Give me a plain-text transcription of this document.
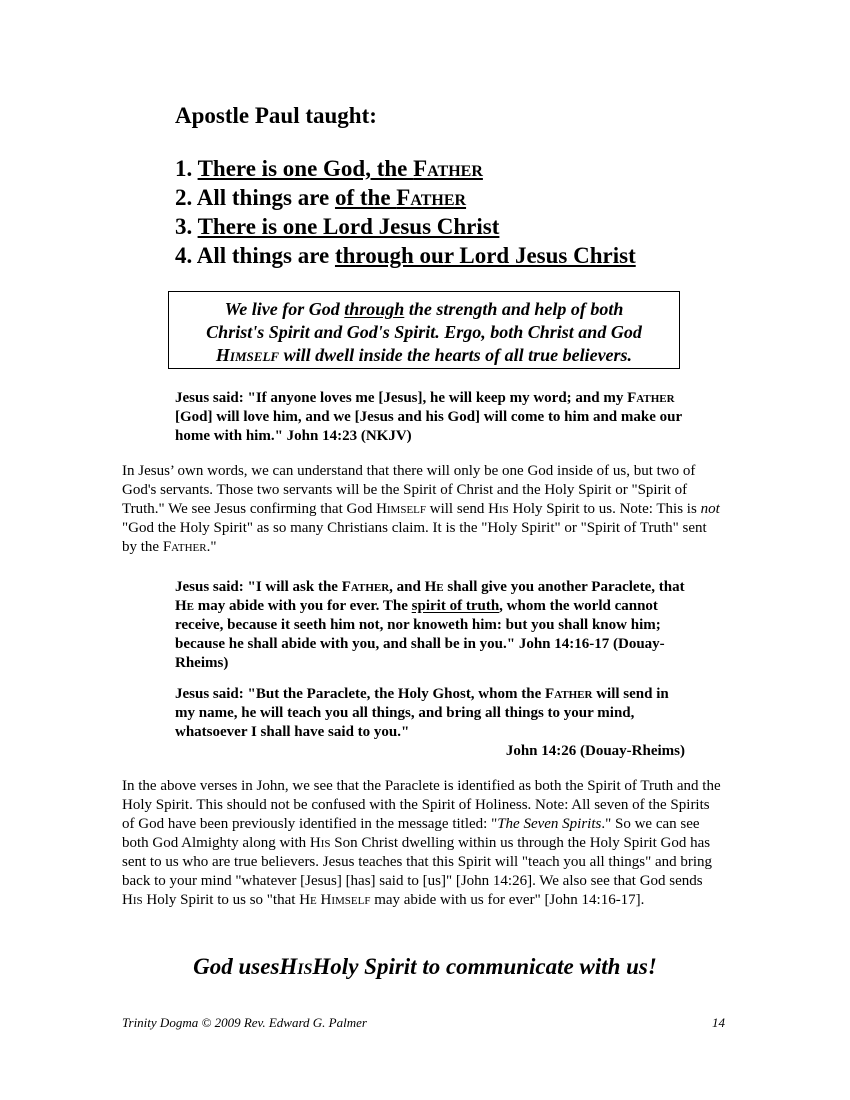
Apostle Paul taught:
1. There is one God, the Father
2. All things are of the Father
3. There is one Lord Jesus Christ
4. All things are through our Lord Jesus Christ
We live for God through the strength and help of both
Christ's Spirit and God's Spirit. Ergo, both Christ and God
Himself will dwell inside the hearts of all true believers.

Jesus said: "If anyone loves me [Jesus], he will keep my word; and my Father [God] will love him, and we [Jesus and his God] will come to him and make our home with him." John 14:23 (NKJV)

In Jesus’ own words, we can understand that there will only be one God inside of us, but two of God's servants. Those two servants will be the Spirit of Christ and the Holy Spirit or "Spirit of Truth." We see Jesus confirming that God Himself will send His Holy Spirit to us. Note: This is not "God the Holy Spirit" as so many Christians claim. It is the "Holy Spirit" or "Spirit of Truth" sent by the Father."

Jesus said: "I will ask the Father, and He shall give you another Paraclete, that He may abide with you for ever. The spirit of truth, whom the world cannot receive, because it seeth him not, nor knoweth him: but you shall know him; because he shall abide with you, and shall be in you." John 14:16-17 (Douay-Rheims)

Jesus said: "But the Paraclete, the Holy Ghost, whom the Father will send in my name, he will teach you all things, and bring all things to your mind, whatsoever I shall have said to you."
John 14:26 (Douay-Rheims)

In the above verses in John, we see that the Paraclete is identified as both the Spirit of Truth and the Holy Spirit. This should not be confused with the Spirit of Holiness. Note: All seven of the Spirits of God have been previously identified in the message titled: "The Seven Spirits." So we can see both God Almighty along with His Son Christ dwelling within us through the Holy Spirit God has sent to us who are true believers. Jesus teaches that this Spirit will "teach you all things" and bring back to your mind "whatever [Jesus] [has] said to [us]" [John 14:26]. We also see that God sends His Holy Spirit to us so "that He Himself may abide with us for ever" [John 14:16-17].

God usesHisHoly Spirit to communicate with us!

Trinity Dogma © 2009 Rev. Edward G. Palmer	14
